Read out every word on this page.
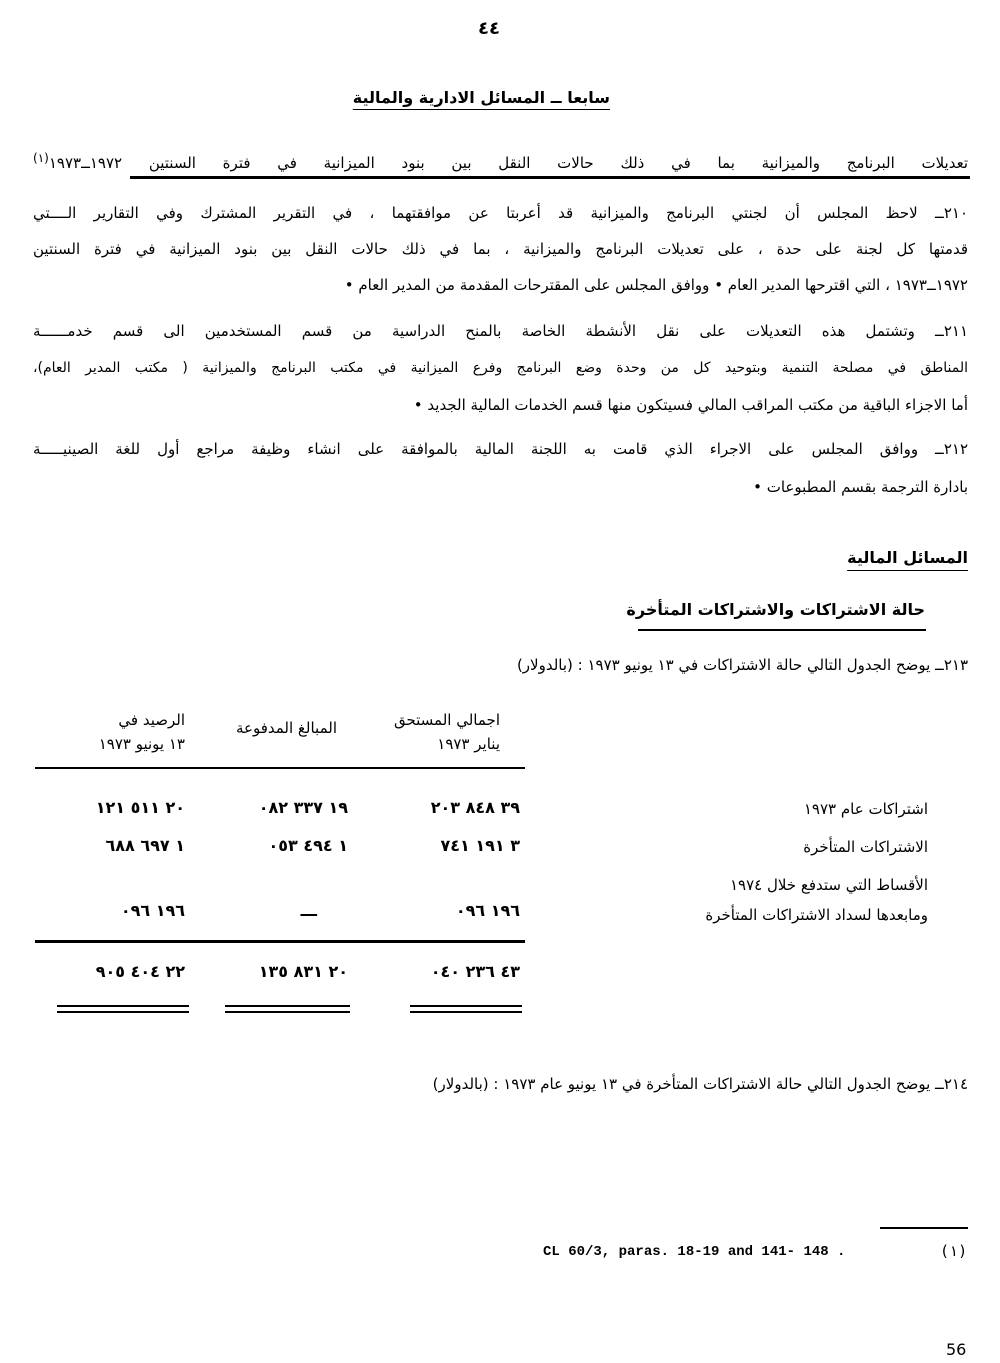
٤٤
سابعا ــ المسائل الادارية والمالية
تعديلات البرنامج والميزانية بما في ذلك حالات النقل بين بنود الميزانية في فترة السنتين ١٩٧٢ــ١٩٧٣$^{(١)}$
٢١٠ــ لاحظ المجلس أن لجنتي البرنامج والميزانية قد أعربتا عن موافقتهما ، في التقرير المشترك وفي التقارير الــــتي
قدمتها كل لجنة على حدة ، على تعديلات البرنامج والميزانية ، بما في ذلك حالات النقل بين بنود الميزانية في فترة السنتين
١٩٧٢ــ١٩٧٣ ، التي اقترحها المدير العام • ووافق المجلس على المقترحات المقدمة من المدير العام •
٢١١ــ وتشتمل هذه التعديلات على نقل الأنشطة الخاصة بالمنح الدراسية من قسم المستخدمين الى قسم خدمــــــة
المناطق في مصلحة التنمية وبتوحيد كل من وحدة وضع البرنامج وفرع الميزانية في مكتب البرنامج والميزانية ( مكتب المدير العام)،
أما الاجزاء الباقية من مكتب المراقب المالي فسيتكون منها قسم الخدمات المالية الجديد •
٢١٢ــ ووافق المجلس على الاجراء الذي قامت به اللجنة المالية بالموافقة على انشاء وظيفة مراجع أول للغة الصينيـــــة
بادارة الترجمة بقسم المطبوعات •
المسائل المالية
حالة الاشتراكات والاشتراكات المتأخرة
٢١٣ــ يوضح الجدول التالي حالة الاشتراكات في ١٣ يونيو ١٩٧٣ : (بالدولار)
اجمالي المستحق
يناير ١٩٧٣
المبالغ المدفوعة
الرصيد في
١٣ يونيو ١٩٧٣
اشتراكات عام ١٩٧٣
٣٩ ٨٤٨ ٢٠٣
١٩ ٣٣٧ ٠٨٢
٢٠ ٥١١ ١٢١
الاشتراكات المتأخرة
٣ ١٩١ ٧٤١
١ ٤٩٤ ٠٥٣
١ ٦٩٧ ٦٨٨
الأقساط التي ستدفع خلال ١٩٧٤
ومابعدها لسداد الاشتراكات المتأخرة
١٩٦ ٠٩٦
ـــ
١٩٦ ٠٩٦
٤٣ ٢٣٦ ٠٤٠
٢٠ ٨٣١ ١٣٥
٢٢ ٤٠٤ ٩٠٥
٢١٤ــ يوضح الجدول التالي حالة الاشتراكات المتأخرة في ١٣ يونيو عام ١٩٧٣ : (بالدولار)
(١)
CL 60/3, paras. 18-19 and 141- 148 .
56
